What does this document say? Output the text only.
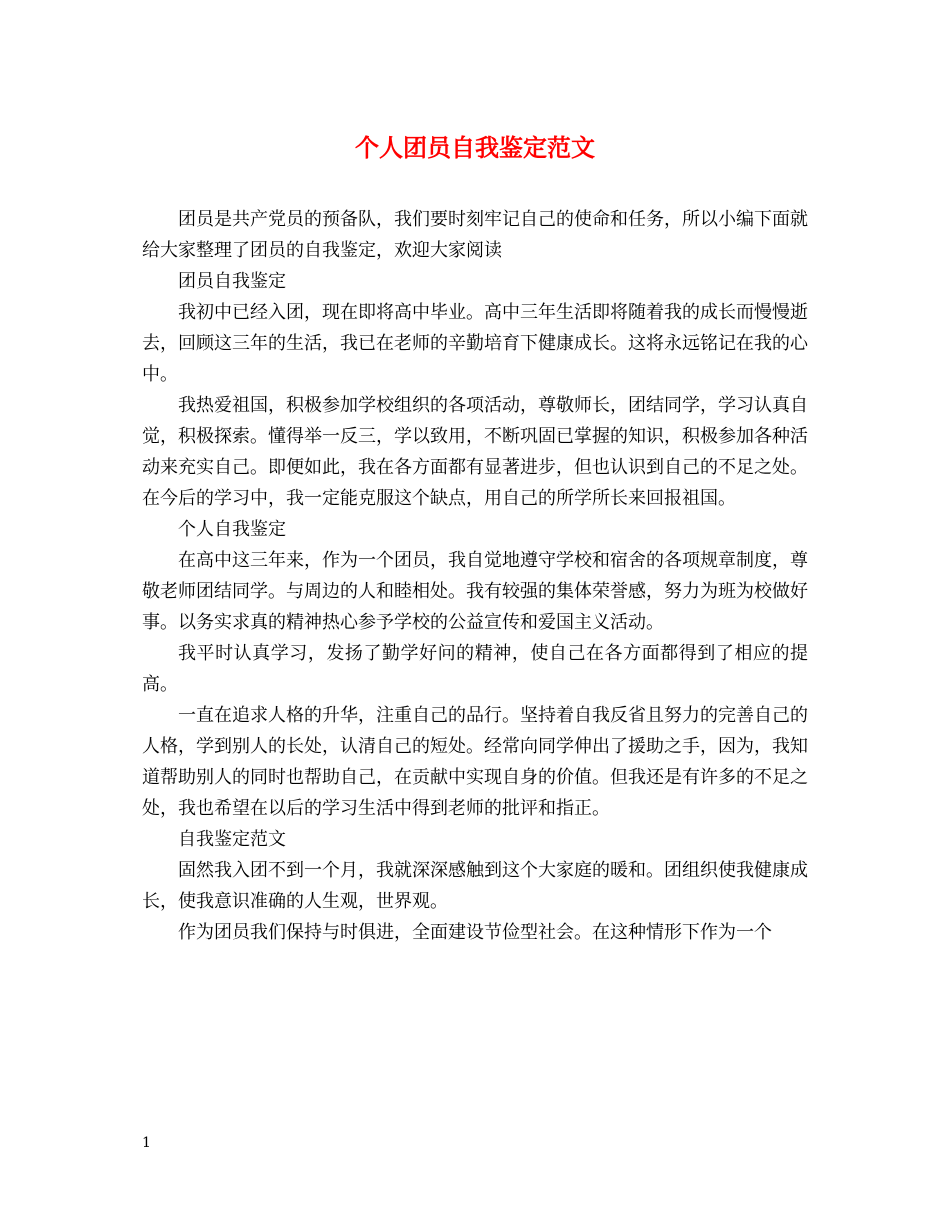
个人团员自我鉴定范文

团员是共产党员的预备队，我们要时刻牢记自己的使命和任务，所以小编下面就给大家整理了团员的自我鉴定，欢迎大家阅读

团员自我鉴定

我初中已经入团，现在即将高中毕业。高中三年生活即将随着我的成长而慢慢逝去，回顾这三年的生活，我已在老师的辛勤培育下健康成长。这将永远铭记在我的心中。

我热爱祖国，积极参加学校组织的各项活动，尊敬师长，团结同学，学习认真自觉，积极探索。懂得举一反三，学以致用，不断巩固已掌握的知识，积极参加各种活动来充实自己。即便如此，我在各方面都有显著进步，但也认识到自己的不足之处。在今后的学习中，我一定能克服这个缺点，用自己的所学所长来回报祖国。

个人自我鉴定

在高中这三年来，作为一个团员，我自觉地遵守学校和宿舍的各项规章制度，尊敬老师团结同学。与周边的人和睦相处。我有较强的集体荣誉感，努力为班为校做好事。以务实求真的精神热心参予学校的公益宣传和爱国主义活动。

我平时认真学习，发扬了勤学好问的精神，使自己在各方面都得到了相应的提高。

一直在追求人格的升华，注重自己的品行。坚持着自我反省且努力的完善自己的人格，学到别人的长处，认清自己的短处。经常向同学伸出了援助之手，因为，我知道帮助别人的同时也帮助自己，在贡献中实现自身的价值。但我还是有许多的不足之处，我也希望在以后的学习生活中得到老师的批评和指正。

自我鉴定范文

固然我入团不到一个月，我就深深感触到这个大家庭的暖和。团组织使我健康成长，使我意识准确的人生观，世界观。

作为团员我们保持与时俱进，全面建设节俭型社会。在这种情形下作为一个

1
